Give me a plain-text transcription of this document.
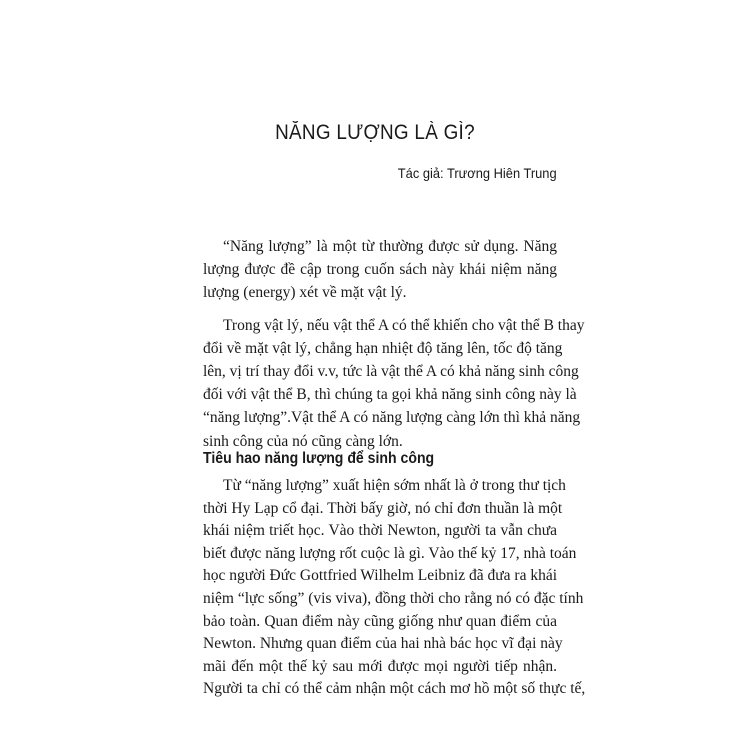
NĂNG LƯỢNG LÀ GÌ?
Tác giả: Trương Hiên Trung
“Năng lượng” là một từ thường được sử dụng. Năng
lượng được đề cập trong cuốn sách này khái niệm năng
lượng (energy) xét về mặt vật lý.
Trong vật lý, nếu vật thể A có thể khiến cho vật thể B thay
đổi về mặt vật lý, chẳng hạn nhiệt độ tăng lên, tốc độ tăng
lên, vị trí thay đổi v.v, tức là vật thể A có khả năng sinh công
đối với vật thể B, thì chúng ta gọi khả năng sinh công này là
“năng lượng”.Vật thể A có năng lượng càng lớn thì khả năng
sinh công của nó cũng càng lớn.
Tiêu hao năng lượng để sinh công
Từ “năng lượng” xuất hiện sớm nhất là ở trong thư tịch
thời Hy Lạp cổ đại. Thời bấy giờ, nó chỉ đơn thuần là một
khái niệm triết học. Vào thời Newton, người ta vẫn chưa
biết được năng lượng rốt cuộc là gì. Vào thế kỷ 17, nhà toán
học người Đức Gottfried Wilhelm Leibniz đã đưa ra khái
niệm “lực sống” (vis viva), đồng thời cho rằng nó có đặc tính
bảo toàn. Quan điểm này cũng giống như quan điểm của
Newton. Nhưng quan điểm của hai nhà bác học vĩ đại này
mãi đến một thế kỷ sau mới được mọi người tiếp nhận.
Người ta chỉ có thể cảm nhận một cách mơ hồ một số thực tế,
